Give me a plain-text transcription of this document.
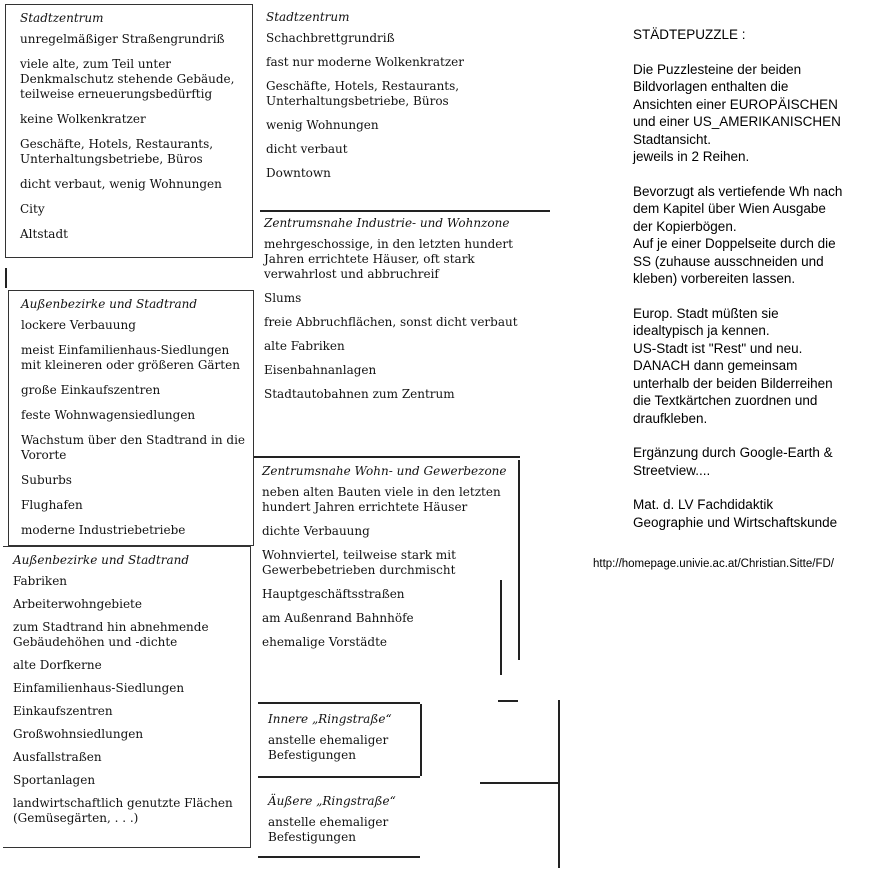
Stadtzentrum
unregelmäßiger Straßengrundriß
viele alte, zum Teil unter Denkmalschutz stehende Gebäude, teilweise erneuerungsbedürftig
keine Wolkenkratzer
Geschäfte, Hotels, Restaurants, Unterhaltungsbetriebe, Büros
dicht verbaut, wenig Wohnungen
City
Altstadt
Stadtzentrum
Schachbrettgrundriß
fast nur moderne Wolkenkratzer
Geschäfte, Hotels, Restaurants, Unterhaltungsbetriebe, Büros
wenig Wohnungen
dicht verbaut
Downtown
Zentrumsnahe Industrie- und Wohnzone
mehrgeschossige, in den letzten hundert Jahren errichtete Häuser, oft stark verwahrlost und abbruchreif
Slums
freie Abbruchflächen, sonst dicht verbaut
alte Fabriken
Eisenbahnanlagen
Stadtautobahnen zum Zentrum
Außenbezirke und Stadtrand
lockere Verbauung
meist Einfamilienhaus-Siedlungen mit kleineren oder größeren Gärten
große Einkaufszentren
feste Wohnwagensiedlungen
Wachstum über den Stadtrand in die Vororte
Suburbs
Flughafen
moderne Industriebetriebe
Zentrumsnahe Wohn- und Gewerbezone
neben alten Bauten viele in den letzten hundert Jahren errichtete Häuser
dichte Verbauung
Wohnviertel, teilweise stark mit Gewerbebetrieben durchmischt
Hauptgeschäftsstraßen
am Außenrand Bahnhöfe
ehemalige Vorstädte
Außenbezirke und Stadtrand
Fabriken
Arbeiterwohngebiete
zum Stadtrand hin abnehmende Gebäudehöhen und -dichte
alte Dorfkerne
Einfamilienhaus-Siedlungen
Einkaufszentren
Großwohnsiedlungen
Ausfallstraßen
Sportanlagen
landwirtschaftlich genutzte Flächen (Gemüsegärten, . . .)
Innere „Ringstraße“
anstelle ehemaliger Befestigungen
Äußere „Ringstraße“
anstelle ehemaliger Befestigungen
STÄDTEPUZZLE :
Die Puzzlesteine der beiden
Bildvorlagen enthalten die
Ansichten einer EUROPÄISCHEN
und einer US_AMERIKANISCHEN
Stadtansicht.
jeweils in 2 Reihen.
Bevorzugt als vertiefende Wh nach
dem Kapitel über Wien Ausgabe
der Kopierbögen.
Auf je einer Doppelseite durch die
SS (zuhause ausschneiden und
kleben) vorbereiten lassen.
Europ. Stadt müßten sie
idealtypisch ja kennen.
US-Stadt ist "Rest" und neu.
DANACH dann gemeinsam
unterhalb der beiden Bilderreihen
die Textkärtchen zuordnen und
draufkleben.
Ergänzung durch Google-Earth &
Streetview....
Mat. d. LV Fachdidaktik
Geographie und Wirtschaftskunde
http://homepage.univie.ac.at/Christian.Sitte/FD/
